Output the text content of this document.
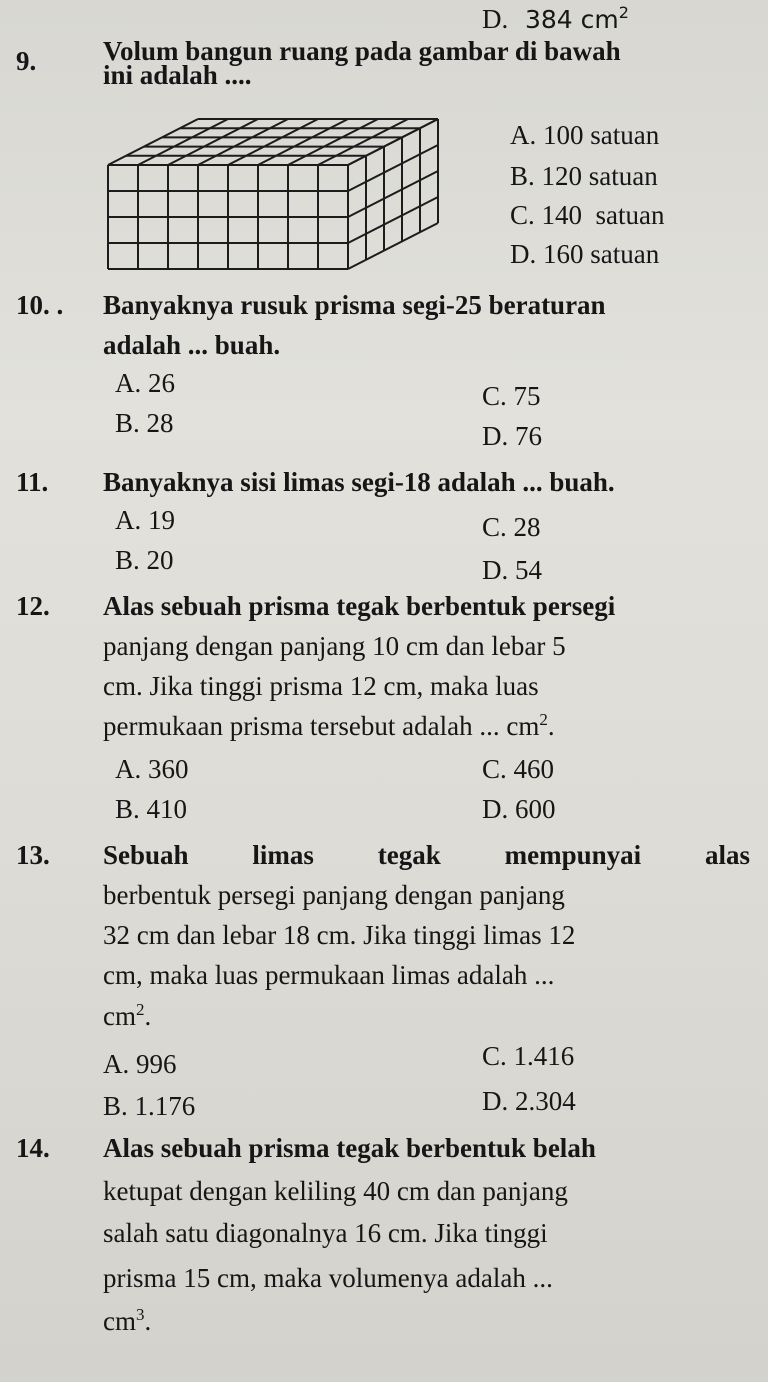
D. 384 $cm^2$
9. Volum bangun ruang pada gambar di bawah
ini adalah ....
A. 100 satuan
B. 120 satuan
C. 140  satuan
D. 160 satuan
10. . Banyaknya rusuk prisma segi-25 beraturan
adalah ... buah.
A. 26
B. 28
C. 75
D. 76
11. Banyaknya sisi limas segi-18 adalah ... buah.
A. 19
B. 20
C. 28
D. 54
12. Alas sebuah prisma tegak berbentuk persegi
panjang dengan panjang 10 cm dan lebar 5
cm. Jika tinggi prisma 12 cm, maka luas
permukaan prisma tersebut adalah ... $cm^2$.
A. 360
B. 410
C. 460
D. 600
13. Sebuah limas tegak mempunyai alas
berbentuk persegi panjang dengan panjang
32 cm dan lebar 18 cm. Jika tinggi limas 12
cm, maka luas permukaan limas adalah ...
$cm^2$.
A. 996
B. 1.176
C. 1.416
D. 2.304
14. Alas sebuah prisma tegak berbentuk belah
ketupat dengan keliling 40 cm dan panjang
salah satu diagonalnya 16 cm. Jika tinggi
prisma 15 cm, maka volumenya adalah ...
$cm^3$.
